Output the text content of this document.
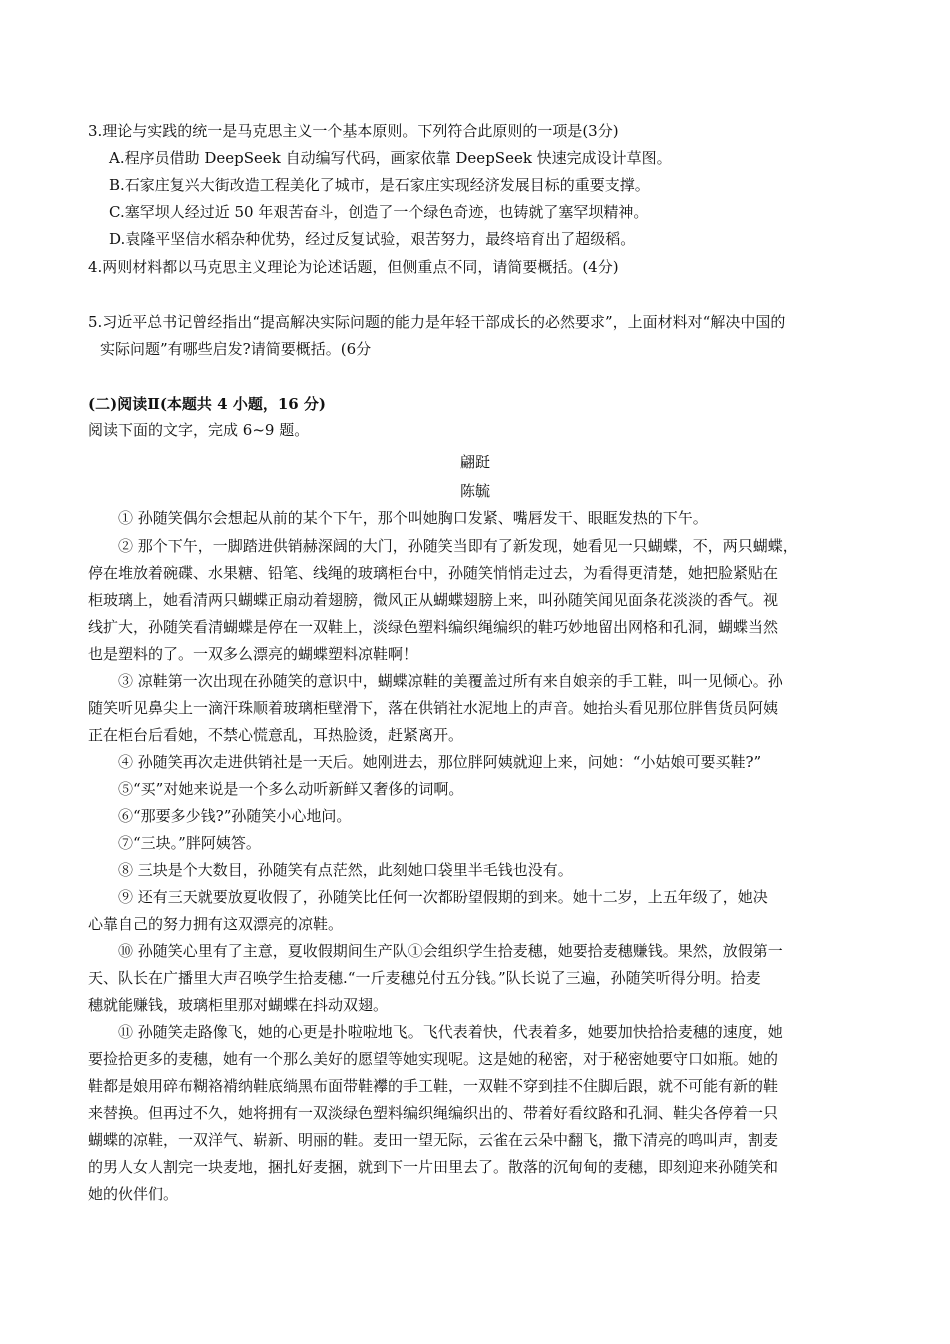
3.理论与实践的统一是马克思主义一个基本原则。下列符合此原则的一项是(3分)
A.程序员借助 DeepSeek 自动编写代码，画家依靠 DeepSeek 快速完成设计草图。
B.石家庄复兴大街改造工程美化了城市，是石家庄实现经济发展目标的重要支撑。
C.塞罕坝人经过近 50 年艰苦奋斗，创造了一个绿色奇迹，也铸就了塞罕坝精神。
D.袁隆平坚信水稻杂种优势，经过反复试验，艰苦努力，最终培育出了超级稻。
4.两则材料都以马克思主义理论为论述话题，但侧重点不同，请简要概括。(4分)
5.习近平总书记曾经指出“提高解决实际问题的能力是年轻干部成长的必然要求”，上面材料对“解决中国的
实际问题”有哪些启发?请简要概括。(6分
(二)阅读Ⅱ(本题共 4 小题，16 分)
阅读下面的文字，完成 6~9 题。
翩跹
陈毓
① 孙随笑偶尔会想起从前的某个下午，那个叫她胸口发紧、嘴唇发干、眼眶发热的下午。
② 那个下午，一脚踏进供销赫深阔的大门，孙随笑当即有了新发现，她看见一只蝴蝶，不，两只蝴蝶，
停在堆放着碗碟、水果糖、铅笔、线绳的玻璃柜台中，孙随笑悄悄走过去，为看得更清楚，她把脸紧贴在
柜玻璃上，她看清两只蝴蝶正扇动着翅膀，微风正从蝴蝶翅膀上来，叫孙随笑闻见面条花淡淡的香气。视
线扩大，孙随笑看清蝴蝶是停在一双鞋上，淡绿色塑料编织绳编织的鞋巧妙地留出网格和孔洞，蝴蝶当然
也是塑料的了。一双多么漂亮的蝴蝶塑料凉鞋啊！
③ 凉鞋第一次出现在孙随笑的意识中，蝴蝶凉鞋的美覆盖过所有来自娘亲的手工鞋，叫一见倾心。孙
随笑听见鼻尖上一滴汗珠顺着玻璃柜壁滑下，落在供销社水泥地上的声音。她抬头看见那位胖售货员阿姨
正在柜台后看她，不禁心慌意乱，耳热脸烫，赶紧离开。
④ 孙随笑再次走进供销社是一天后。她刚进去，那位胖阿姨就迎上来，问她：“小姑娘可要买鞋?”
⑤“买”对她来说是一个多么动听新鲜又奢侈的词啊。
⑥“那要多少钱?”孙随笑小心地问。
⑦“三块。”胖阿姨答。
⑧ 三块是个大数目，孙随笑有点茫然，此刻她口袋里半毛钱也没有。
⑨ 还有三天就要放夏收假了，孙随笑比任何一次都盼望假期的到来。她十二岁，上五年级了，她决
心靠自己的努力拥有这双漂亮的凉鞋。
⑩ 孙随笑心里有了主意，夏收假期间生产队①会组织学生拾麦穗，她要拾麦穗赚钱。果然，放假第一
天、队长在广播里大声召唤学生拾麦穗.“一斤麦穗兑付五分钱。”队长说了三遍，孙随笑听得分明。拾麦
穗就能赚钱，玻璃柜里那对蝴蝶在抖动双翅。
⑪ 孙随笑走路像飞，她的心更是扑啦啦地飞。飞代表着快，代表着多，她要加快拾拾麦穗的速度，她
要捡拾更多的麦穗，她有一个那么美好的愿望等她实现呢。这是她的秘密，对于秘密她要守口如瓶。她的
鞋都是娘用碎布糊袼褙纳鞋底绱黑布面带鞋襻的手工鞋，一双鞋不穿到挂不住脚后跟，就不可能有新的鞋
来替换。但再过不久，她将拥有一双淡绿色塑料编织绳编织出的、带着好看纹路和孔洞、鞋尖各停着一只
蝴蝶的凉鞋，一双洋气、崭新、明丽的鞋。麦田一望无际，云雀在云朵中翻飞，撒下清亮的鸣叫声，割麦
的男人女人割完一块麦地，捆扎好麦捆，就到下一片田里去了。散落的沉甸甸的麦穗，即刻迎来孙随笑和
她的伙伴们。
